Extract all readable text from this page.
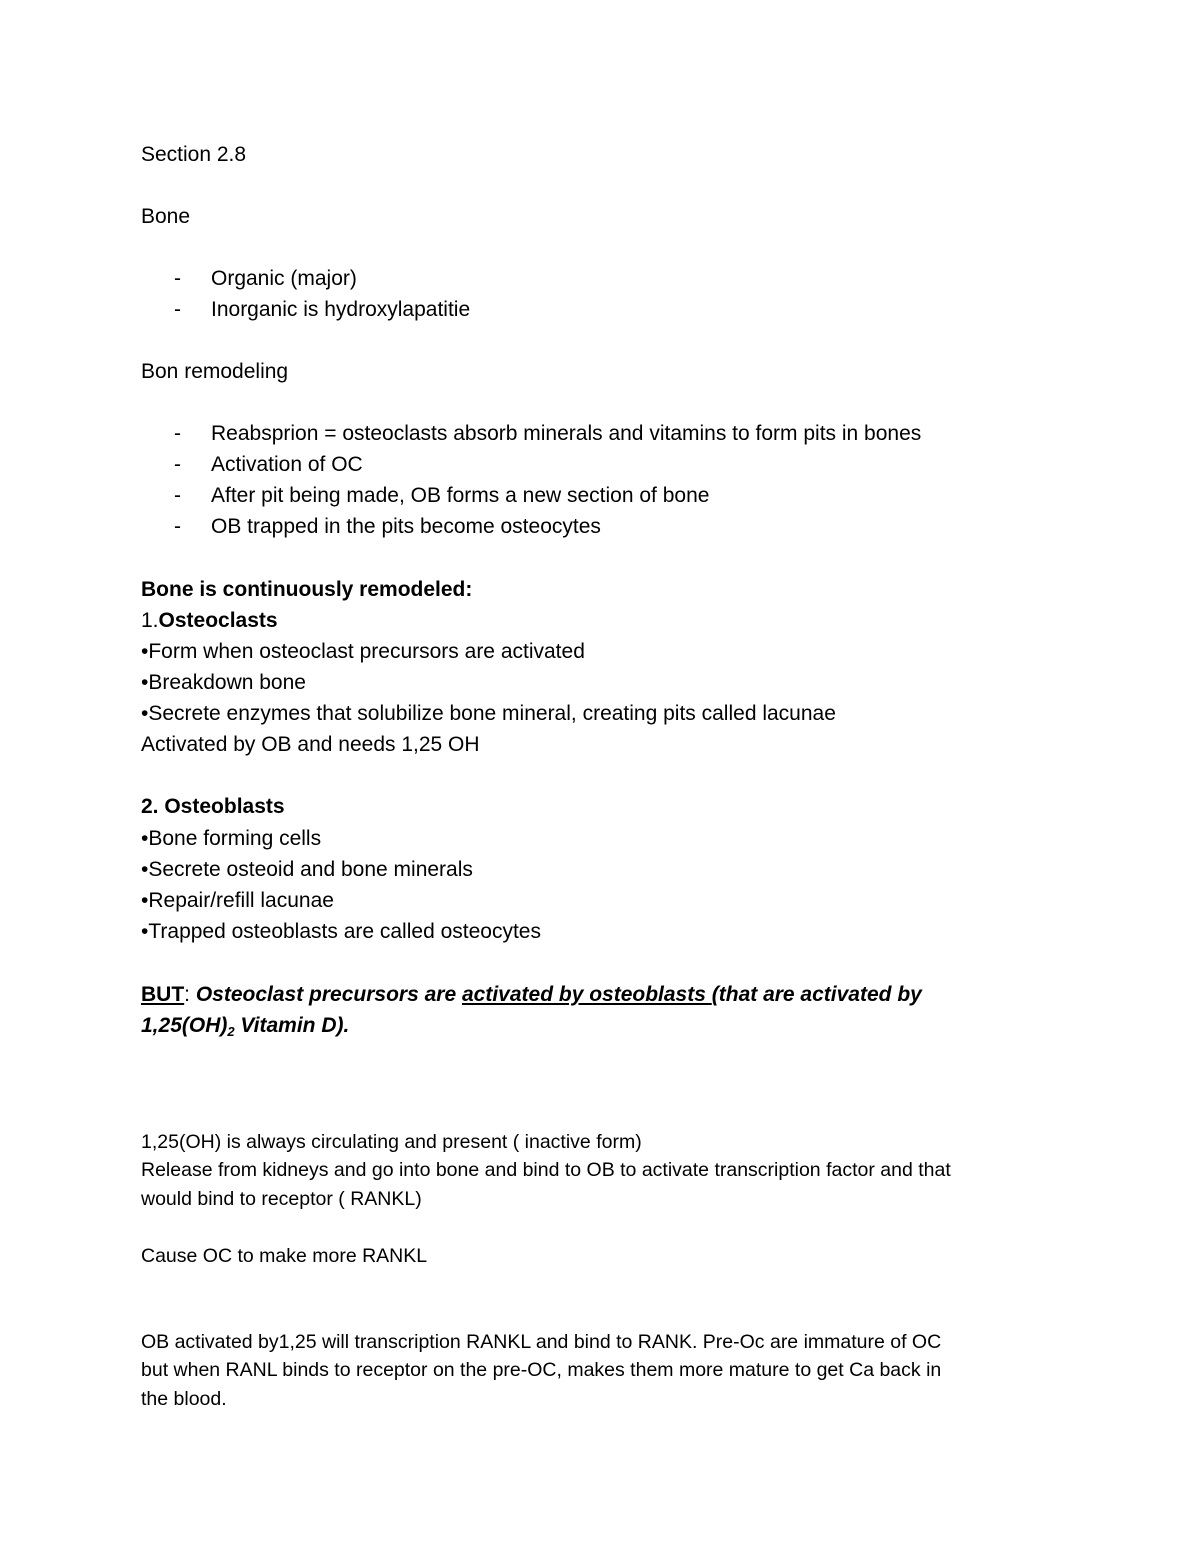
Section 2.8
Bone
- Organic (major)
- Inorganic is hydroxylapatitie
Bon remodeling
- Reabsprion = osteoclasts absorb minerals and vitamins to form pits in bones
- Activation of OC
- After pit being made, OB forms a new section of bone
- OB trapped in the pits become osteocytes
Bone is continuously remodeled:
1.Osteoclasts
•Form when osteoclast precursors are activated
•Breakdown bone
•Secrete enzymes that solubilize bone mineral, creating pits called lacunae
Activated by OB and needs 1,25 OH
2. Osteoblasts
•Bone forming cells
•Secrete osteoid and bone minerals
•Repair/refill lacunae
•Trapped osteoblasts are called osteocytes
BUT: Osteoclast precursors are activated by osteoblasts (that are activated by
$1,25(OH)_2$ Vitamin D).
1,25(OH) is always circulating and present ( inactive form)
Release from kidneys and go into bone and bind to OB to activate transcription factor and that
would bind to receptor ( RANKL)
Cause OC to make more RANKL
OB activated by1,25 will transcription RANKL and bind to RANK. Pre-Oc are immature of OC
but when RANL binds to receptor on the pre-OC, makes them more mature to get Ca back in
the blood.
